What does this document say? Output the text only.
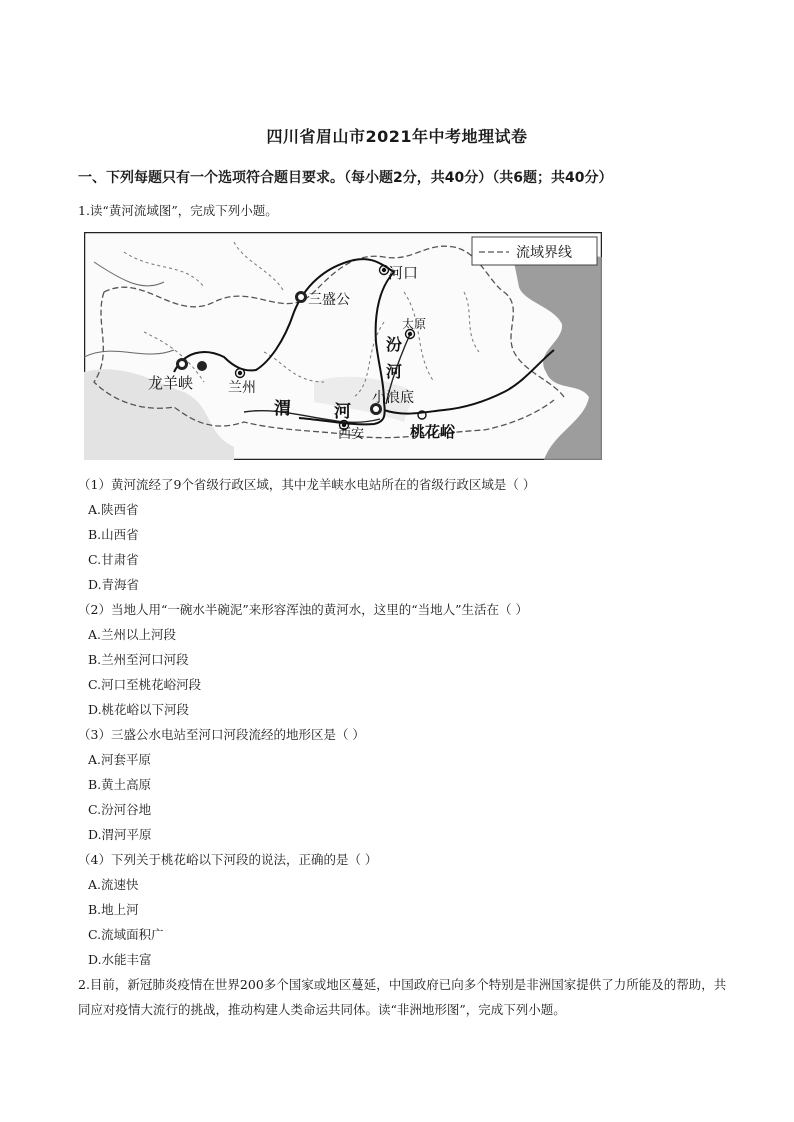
四川省眉山市2021年中考地理试卷
一、下列每题只有一个选项符合题目要求。（每小题2分，共40分）（共6题；共40分）
1.读“黄河流域图”，完成下列小题。
流域界线
河口
三盛公
太原
汾
河
龙羊峡 兰州
渭	河
小浪底
西安	桃花峪
（1）黄河流经了9个省级行政区域，其中龙羊峡水电站所在的省级行政区域是（ ）
A.陕西省
B.山西省
C.甘肃省
D.青海省
（2）当地人用“一碗水半碗泥”来形容浑浊的黄河水，这里的“当地人”生活在（ ）
A.兰州以上河段
B.兰州至河口河段
C.河口至桃花峪河段
D.桃花峪以下河段
（3）三盛公水电站至河口河段流经的地形区是（ ）
A.河套平原
B.黄土高原
C.汾河谷地
D.渭河平原
（4）下列关于桃花峪以下河段的说法，正确的是（ ）
A.流速快
B.地上河
C.流域面积广
D.水能丰富
2.目前，新冠肺炎疫情在世界200多个国家或地区蔓延，中国政府已向多个特别是非洲国家提供了力所能及的帮助，共同应对疫情大流行的挑战，推动构建人类命运共同体。读“非洲地形图”，完成下列小题。
